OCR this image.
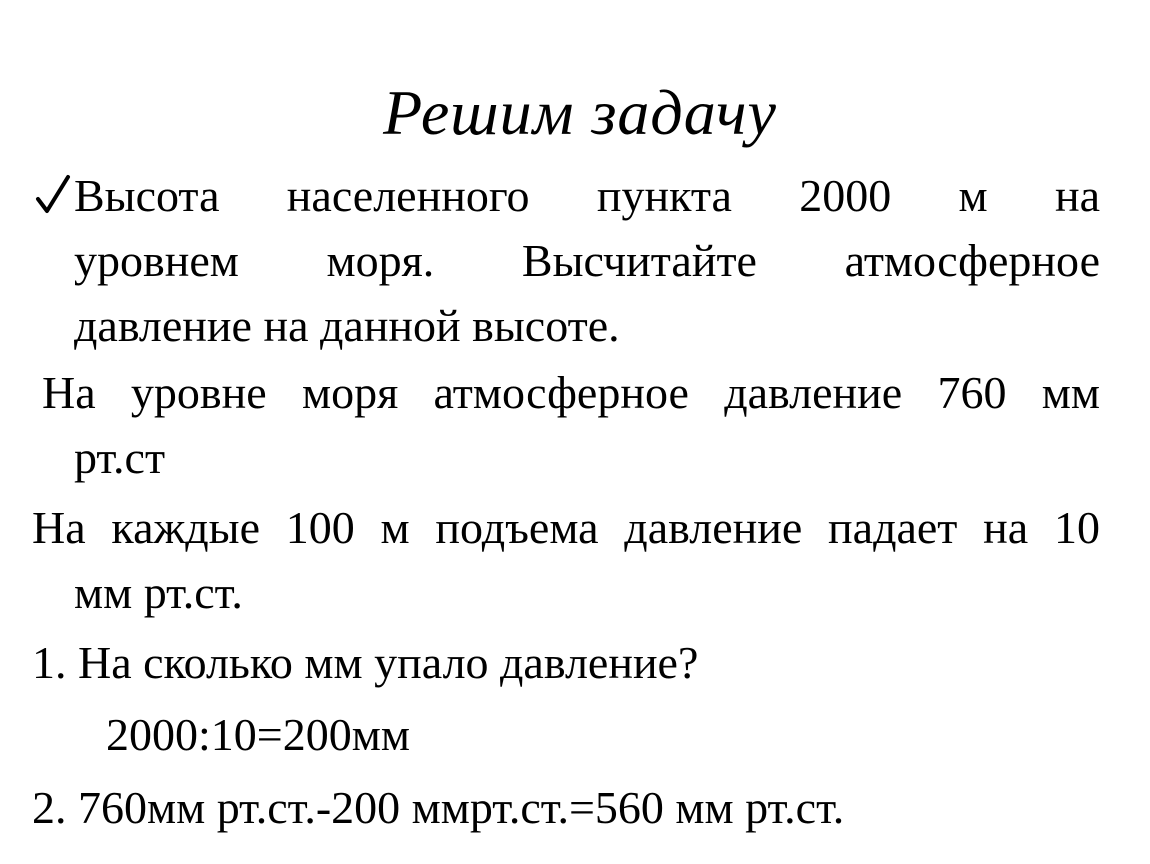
Решим задачу
Высота населенного пункта 2000 м на
уровнем моря. Высчитайте атмосферное
давление на данной высоте.
На уровне моря атмосферное давление 760 мм
рт.ст
На каждые 100 м подъема давление падает на 10
мм рт.ст.
1. На сколько мм упало давление?
2000:10=200мм
2. 760мм рт.ст.-200 ммрт.ст.=560 мм рт.ст.
